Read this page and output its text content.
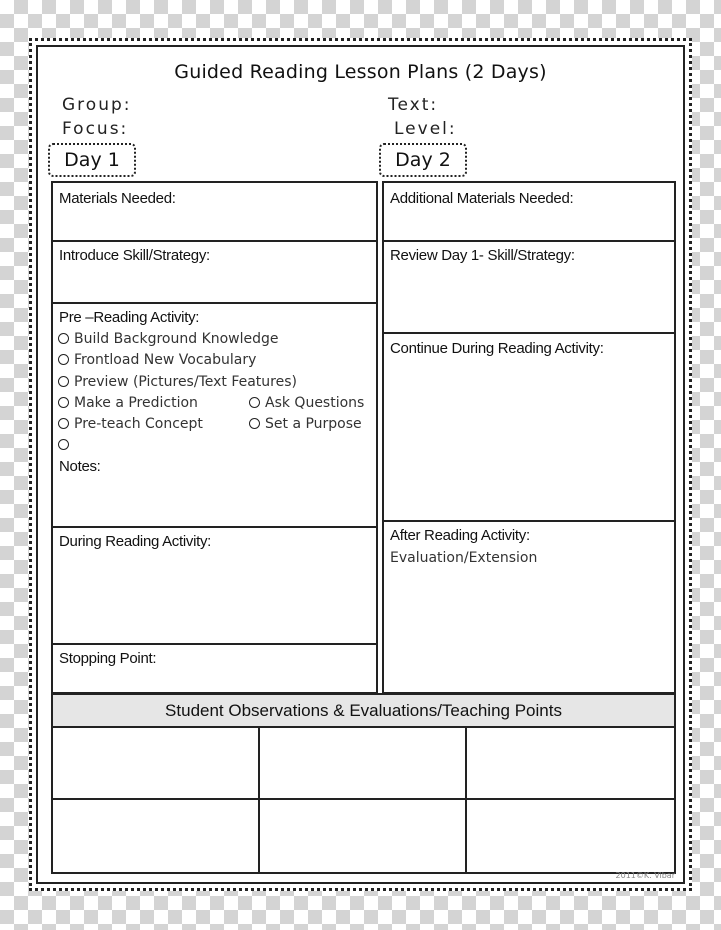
Guided Reading Lesson Plans (2 Days)
Group:
Focus:
Text:
Level:
Day 1	Day 2
Materials Needed:
Introduce Skill/Strategy:
Pre –Reading Activity:
Build Background Knowledge
Frontload New Vocabulary
Preview (Pictures/Text Features)
Make a Prediction	Ask Questions
Pre-teach Concept	Set a Purpose
Notes:
During Reading Activity:
Stopping Point:
Additional Materials Needed:
Review Day 1- Skill/Strategy:
Continue During Reading Activity:
After Reading Activity:
Evaluation/Extension
Student Observations & Evaluations/Teaching Points
2011©K. Vibar
